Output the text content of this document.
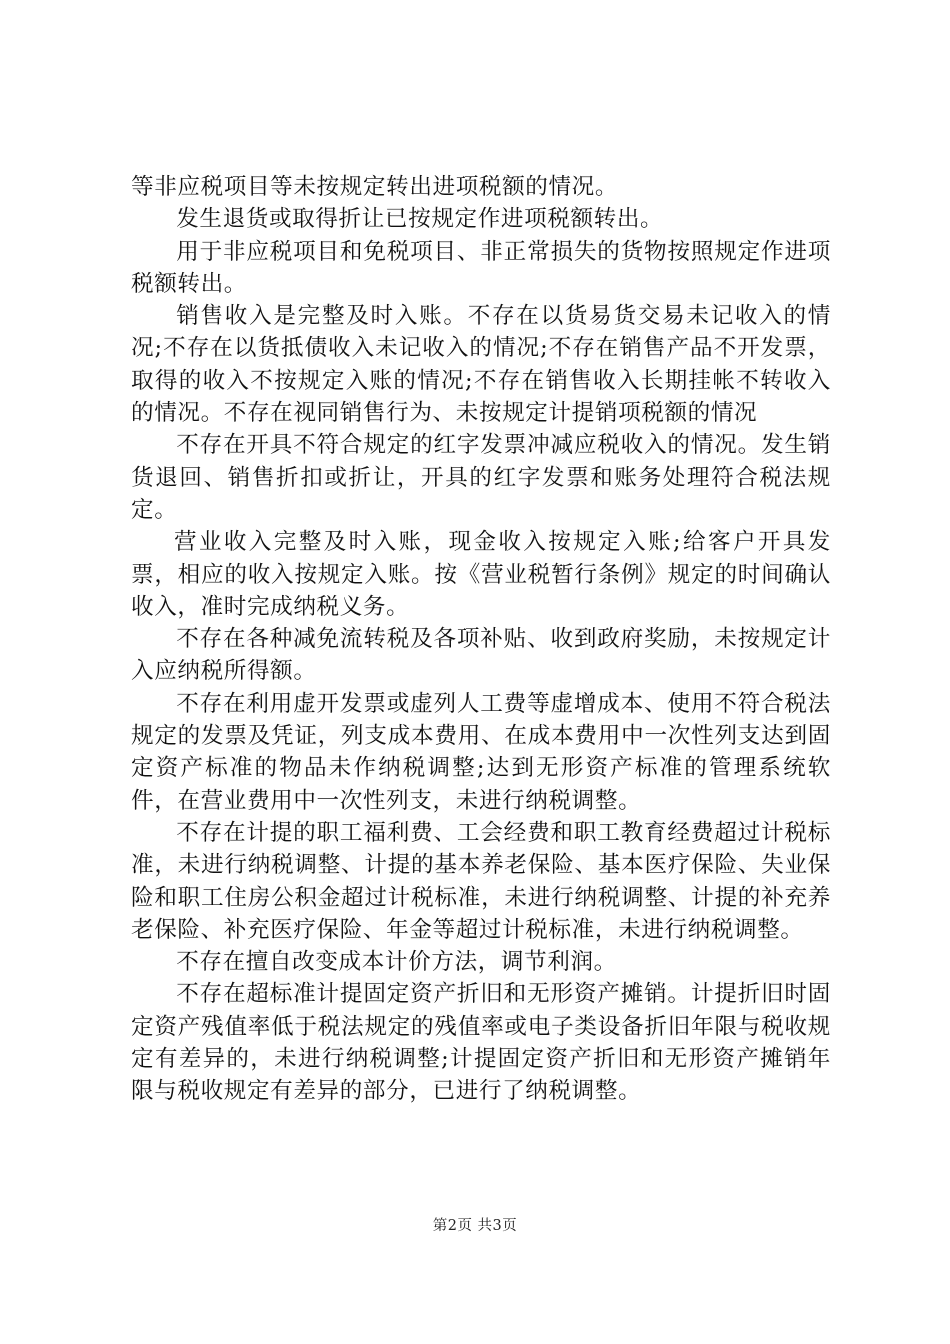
等非应税项目等未按规定转出进项税额的情况。

发生退货或取得折让已按规定作进项税额转出。

用于非应税项目和免税项目、非正常损失的货物按照规定作进项税额转出。

销售收入是完整及时入账。不存在以货易货交易未记收入的情况;不存在以货抵债收入未记收入的情况;不存在销售产品不开发票，取得的收入不按规定入账的情况;不存在销售收入长期挂帐不转收入的情况。不存在视同销售行为、未按规定计提销项税额的情况

不存在开具不符合规定的红字发票冲减应税收入的情况。发生销货退回、销售折扣或折让，开具的红字发票和账务处理符合税法规定。

营业收入完整及时入账，现金收入按规定入账;给客户开具发票，相应的收入按规定入账。按《营业税暂行条例》规定的时间确认收入，准时完成纳税义务。

不存在各种减免流转税及各项补贴、收到政府奖励，未按规定计入应纳税所得额。

不存在利用虚开发票或虚列人工费等虚增成本、使用不符合税法规定的发票及凭证，列支成本费用、在成本费用中一次性列支达到固定资产标准的物品未作纳税调整;达到无形资产标准的管理系统软件，在营业费用中一次性列支，未进行纳税调整。

不存在计提的职工福利费、工会经费和职工教育经费超过计税标准，未进行纳税调整、计提的基本养老保险、基本医疗保险、失业保险和职工住房公积金超过计税标准，未进行纳税调整、计提的补充养老保险、补充医疗保险、年金等超过计税标准，未进行纳税调整。

不存在擅自改变成本计价方法，调节利润。

不存在超标准计提固定资产折旧和无形资产摊销。计提折旧时固定资产残值率低于税法规定的残值率或电子类设备折旧年限与税收规定有差异的，未进行纳税调整;计提固定资产折旧和无形资产摊销年限与税收规定有差异的部分，已进行了纳税调整。

第2页 共3页
